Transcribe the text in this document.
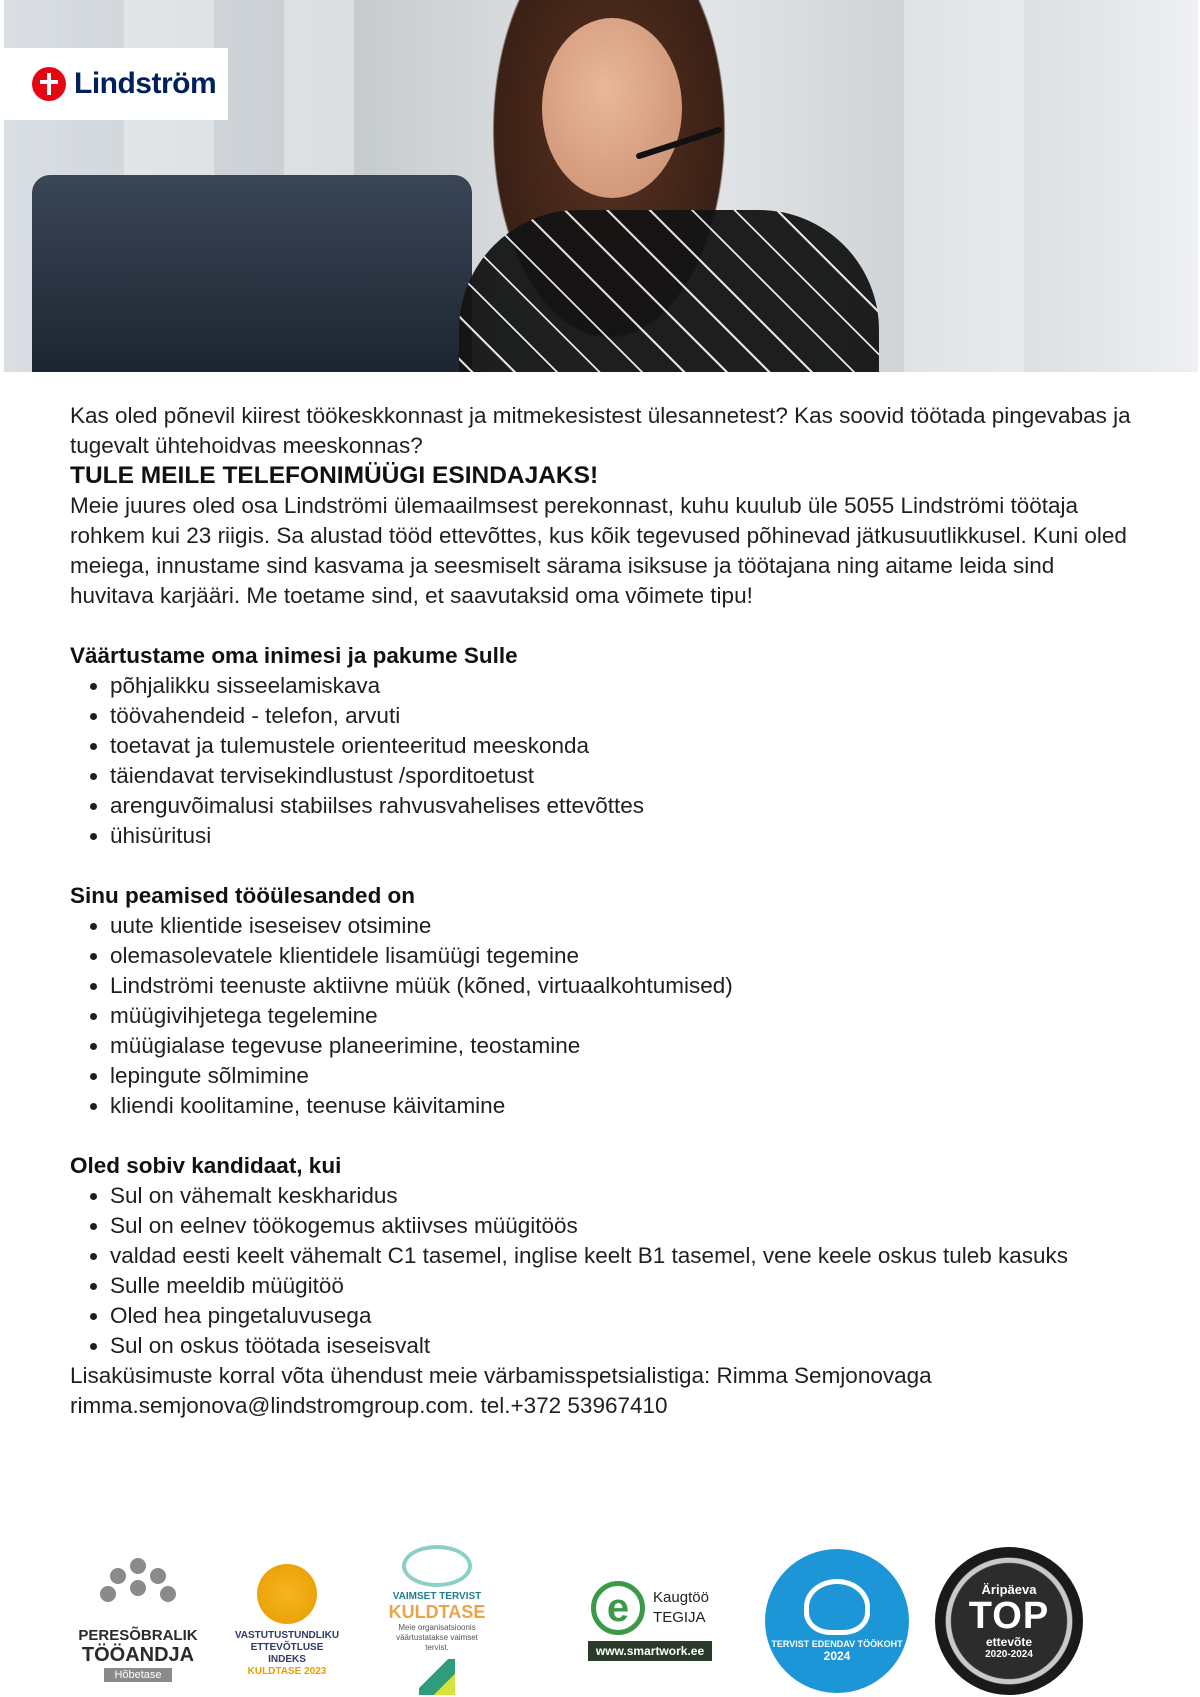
Lindström

Kas oled põnevil kiirest töökeskkonnast ja mitmekesistest ülesannetest? Kas soovid töötada pingevabas ja tugevalt ühtehoidvas meeskonnas?

TULE MEILE TELEFONIMÜÜGI ESINDAJAKS!

Meie juures oled osa Lindströmi ülemaailmsest perekonnast, kuhu kuulub üle 5055 Lindströmi töötaja rohkem kui 23 riigis. Sa alustad tööd ettevõttes, kus kõik tegevused põhinevad jätkusuutlikkusel. Kuni oled meiega, innustame sind kasvama ja seesmiselt särama isiksuse ja töötajana ning aitame leida sind huvitava karjääri. Me toetame sind, et saavutaksid oma võimete tipu!

Väärtustame oma inimesi ja pakume Sulle

• põhjalikku sisseelamiskava
• töövahendeid - telefon, arvuti
• toetavat ja tulemustele orienteeritud meeskonda
• täiendavat tervisekindlustust /sporditoetust
• arenguvõimalusi stabiilses rahvusvahelises ettevõttes
• ühisüritusi

Sinu peamised tööülesanded on

• uute klientide iseseisev otsimine
• olemasolevatele klientidele lisamüügi tegemine
• Lindströmi teenuste aktiivne müük (kõned, virtuaalkohtumised)
• müügivihjetega tegelemine
• müügialase tegevuse planeerimine, teostamine
• lepingute sõlmimine
• kliendi koolitamine, teenuse käivitamine

Oled sobiv kandidaat, kui

• Sul on vähemalt keskharidus
• Sul on eelnev töökogemus aktiivses müügitöös
• valdad eesti keelt vähemalt C1 tasemel, inglise keelt B1 tasemel, vene keele oskus tuleb kasuks
• Sulle meeldib müügitöö
• Oled hea pingetaluvusega
• Sul on oskus töötada iseseisvalt

Lisaküsimuste korral võta ühendust meie värbamisspetsialistiga: Rimma Semjonovaga

rimma.semjonova@lindstromgroup.com. tel.+372 53967410

PERESÕBRALIK
TÖÖANDJA
Hõbetase
VASTUTUSTUNDLIKU
ETTEVÕTLUSE INDEKS
KULDTASE 2023
VAIMSET TERVIST
KULDTASE
Meie organisatsioonis väärtustatakse vaimset tervist.
e	Kaugtöö
TEGIJA
www.smartwork.ee	TERVIST EDENDAV TÖÖKOHT
2024
Äripäeva
TOP
ettevõte
2020-2024
